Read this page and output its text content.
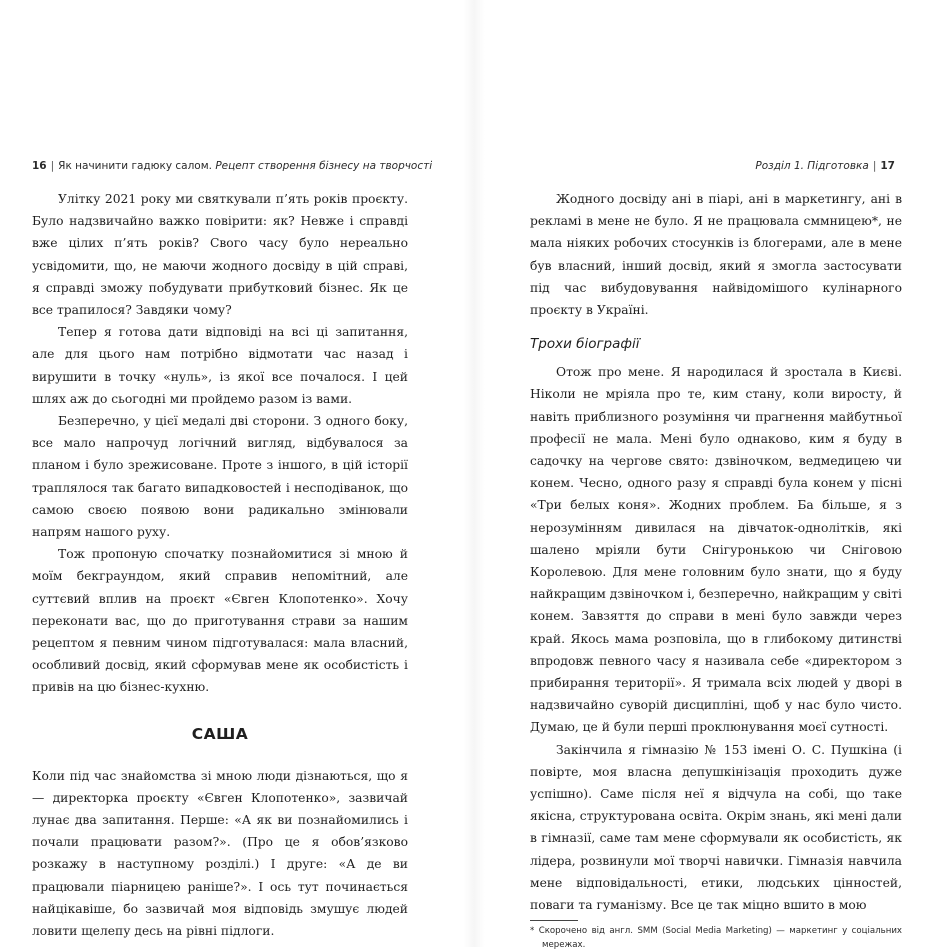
16 | Як начинити гадюку салом. Рецепт створення бізнесу на творчості

Улітку 2021 року ми святкували п’ять років проєкту. Було надзвичайно важко повірити: як? Невже і справді вже цілих п’ять років? Свого часу було нереально усвідомити, що, не маючи жодного досвіду в цій справі, я справді зможу побудувати прибутковий бізнес. Як це все трапилося? Завдяки чому?

Тепер я готова дати відповіді на всі ці запитання, але для цього нам потрібно відмотати час назад і вирушити в точку «нуль», із якої все почалося. І цей шлях аж до сьогодні ми пройдемо разом із вами.

Безперечно, у цієї медалі дві сторони. З одного боку, все мало напрочуд логічний вигляд, відбувалося за планом і було зрежисоване. Проте з іншого, в цій історії траплялося так багато випадковостей і несподіванок, що самою своєю появою вони радикально змінювали напрям нашого руху.

Тож пропоную спочатку познайомитися зі мною й моїм бекграундом, який справив непомітний, але суттєвий вплив на проєкт «Євген Клопотенко». Хочу переконати вас, що до приготування страви за нашим рецептом я певним чином підготувалася: мала власний, особливий досвід, який сформував мене як особистість і привів на цю бізнес-кухню.

САША

Коли під час знайомства зі мною люди дізнаються, що я — директорка проєкту «Євген Клопотенко», зазвичай лунає два запитання. Перше: «А як ви познайомились і почали працювати разом?». (Про це я обов’язково розкажу в наступному розділі.) І друге: «А де ви працювали піарницею раніше?». І ось тут починається найцікавіше, бо зазвичай моя відповідь змушує людей ловити щелепу десь на рівні підлоги.

Розділ 1. Підготовка | 17

Жодного досвіду ані в піарі, ані в маркетингу, ані в рекламі в мене не було. Я не працювала сммницею*, не мала ніяких робочих стосунків із блогерами, але в мене був власний, інший досвід, який я змогла застосувати під час вибудовування найвідомішого кулінарного проєкту в Україні.

Трохи біографії

Отож про мене. Я народилася й зростала в Києві. Ніколи не мріяла про те, ким стану, коли виросту, й навіть приблизного розуміння чи прагнення майбутньої професії не мала. Мені було однаково, ким я буду в садочку на чергове свято: дзвіночком, ведмедицею чи конем. Чесно, одного разу я справді була конем у пісні «Три белых коня». Жодних проблем. Ба більше, я з нерозумінням дивилася на дівчаток-однолітків, які шалено мріяли бути Снігуронькою чи Сніговою Королевою. Для мене головним було знати, що я буду найкращим дзвіночком і, безперечно, найкращим у світі конем. Завзяття до справи в мені було завжди через край. Якось мама розповіла, що в глибокому дитинстві впродовж певного часу я називала себе «директором з прибирання території». Я тримала всіх людей у дворі в надзвичайно суворій дисципліні, щоб у нас було чисто. Думаю, це й були перші проклюнування моєї сутності.

Закінчила я гімназію № 153 імені О. С. Пушкіна (і повірте, моя власна депушкінізація проходить дуже успішно). Саме після неї я відчула на собі, що таке якісна, структурована освіта. Окрім знань, які мені дали в гімназії, саме там мене сформували як особистість, як лідера, розвинули мої творчі навички. Гімназія навчила мене відповідальності, етики, людських цінностей, поваги та гуманізму. Все це так міцно вшито в мою

* Скорочено від англ. SMM (Social Media Marketing) — маркетинг у соціальних мережах.
